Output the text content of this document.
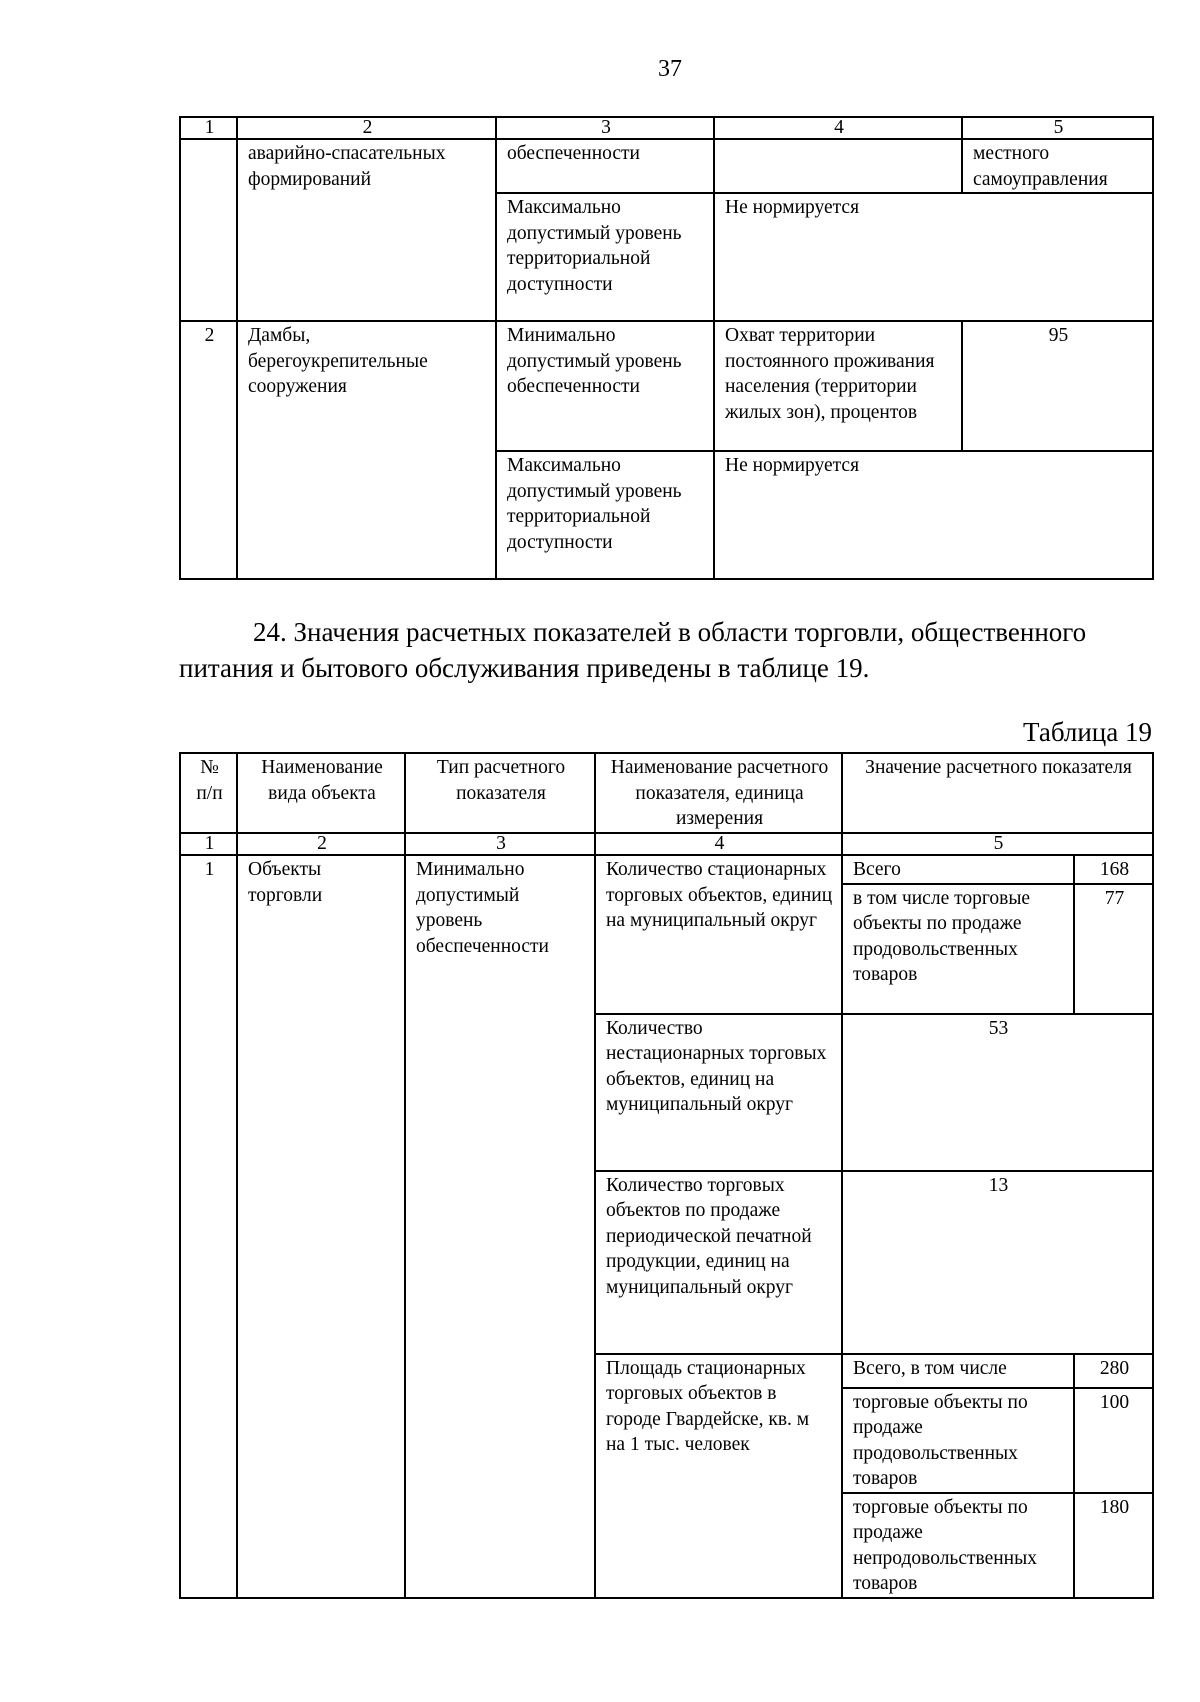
37
1	2	3	4	5
	аварийно-спасательных формирований	обеспеченности		местного самоуправления
		Максимально допустимый уровень территориальной доступности	Не нормируется	
2	Дамбы, берегоукрепительные сооружения	Минимально допустимый уровень обеспеченности	Охват территории постоянного проживания населения (территории жилых зон), процентов	95
		Максимально допустимый уровень территориальной доступности	Не нормируется	
24. Значения расчетных показателей в области торговли, общественного
питания и бытового обслуживания приведены в таблице 19.
Таблица 19
№ п/п	Наименование вида объекта	Тип расчетного показателя	Наименование расчетного показателя, единица измерения	Значение расчетного показателя	
1	2	3	4	5	
1	Объекты торговли	Минимально допустимый уровень обеспеченности	Количество стационарных торговых объектов, единиц на муниципальный округ	Всего	168
				в том числе торговые объекты по продаже продовольственных товаров	77
			Количество нестационарных торговых объектов, единиц на муниципальный округ	53	
			Количество торговых объектов по продаже периодической печатной продукции, единиц на муниципальный округ	13	
			Площадь стационарных торговых объектов в городе Гвардейске, кв. м на 1 тыс. человек	Всего, в том числе	280
				торговые объекты по продаже продовольственных товаров	100
				торговые объекты по продаже непродовольственных товаров	180
